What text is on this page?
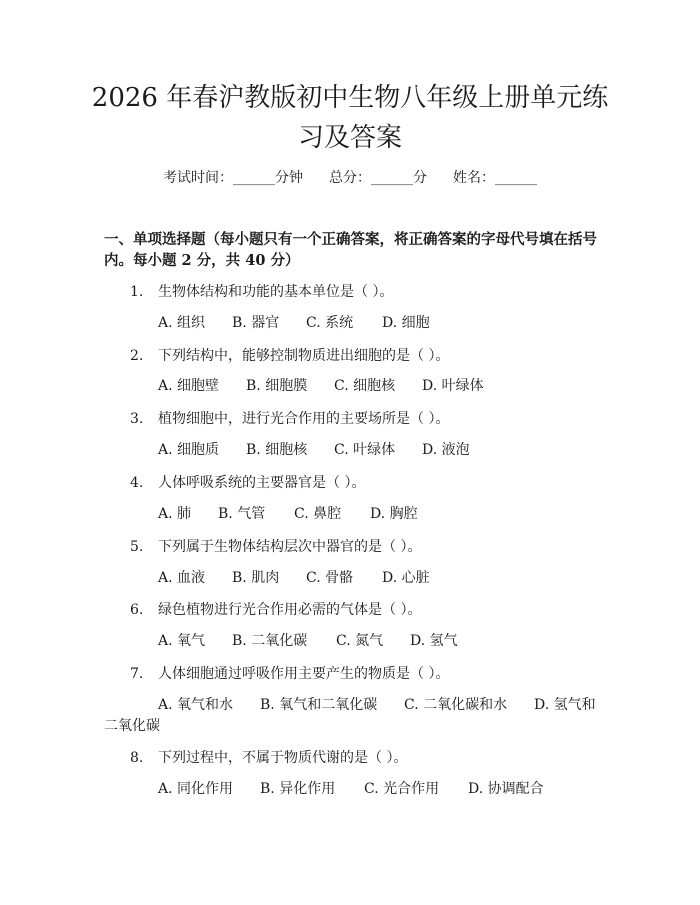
2026 年春沪教版初中生物八年级上册单元练
习及答案
考试时间：______分钟 总分：______分 姓名：______
一、单项选择题（每小题只有一个正确答案，将正确答案的字母代号填在括号
内。每小题 2 分，共 40 分）
1. 生物体结构和功能的基本单位是（ ）。
A. 组织 B. 器官 C. 系统 D. 细胞
2. 下列结构中，能够控制物质进出细胞的是（ ）。
A. 细胞壁 B. 细胞膜 C. 细胞核 D. 叶绿体
3. 植物细胞中，进行光合作用的主要场所是（ ）。
A. 细胞质 B. 细胞核 C. 叶绿体 D. 液泡
4. 人体呼吸系统的主要器官是（ ）。
A. 肺 B. 气管 C. 鼻腔 D. 胸腔
5. 下列属于生物体结构层次中器官的是（ ）。
A. 血液 B. 肌肉 C. 骨骼 D. 心脏
6. 绿色植物进行光合作用必需的气体是（ ）。
A. 氧气 B. 二氧化碳 C. 氮气 D. 氢气
7. 人体细胞通过呼吸作用主要产生的物质是（ ）。
A. 氧气和水 B. 氧气和二氧化碳 C. 二氧化碳和水 D. 氢气和
二氧化碳
8. 下列过程中，不属于物质代谢的是（ ）。
A. 同化作用 B. 异化作用 C. 光合作用 D. 协调配合
